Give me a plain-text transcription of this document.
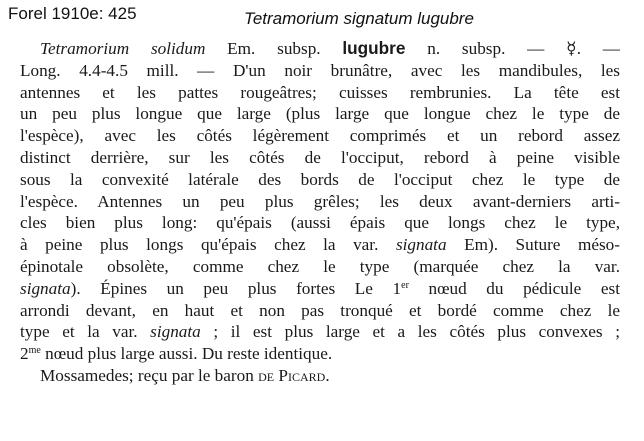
Forel 1910e: 425	Tetramorium signatum lugubre
Tetramorium solidum Em. subsp. lugubre n. subsp. — ☿. —
Long. 4.4-4.5 mill. — D'un noir brunâtre, avec les mandibules, les
antennes et les pattes rougeâtres; cuisses rembrunies. La tête est
un peu plus longue que large (plus large que longue chez le type de
l'espèce), avec les côtés légèrement comprimés et un rebord assez
distinct derrière, sur les côtés de l'occiput, rebord à peine visible
sous la convexité latérale des bords de l'occiput chez le type de
l'espèce. Antennes un peu plus grêles; les deux avant-derniers arti-
cles bien plus long: qu'épais (aussi épais que longs chez le type,
à peine plus longs qu'épais chez la var. signata Em). Suture méso-
épinotale obsolète, comme chez le type (marquée chez la var.
signata). Épines un peu plus fortes Le 1er nœud du pédicule est
arrondi devant, en haut et non pas tronqué et bordé comme chez le
type et la var. signata ; il est plus large et a les côtés plus convexes ;
$2^{me}$ nœud plus large aussi. Du reste identique.
Mossamedes; reçu par le baron de Picard.
